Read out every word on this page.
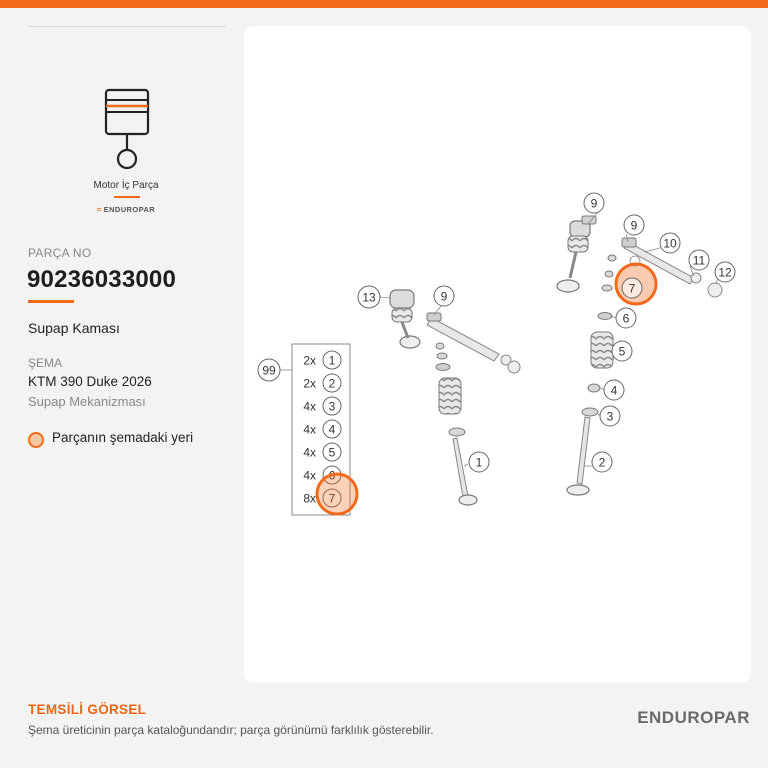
Motor İç Parça
≈ ENDUROPAR
PARÇA NO
90236033000
Supap Kaması
ŞEMA
KTM 390 Duke 2026
Supap Mekanizması
Parçanın şemadaki yeri
9
9
10
11
12
13	9
7
6
5
4
3
2
1
99
2x 1
2x 2
4x 3
4x 4
4x 5
4x 6
8x 7
TEMSİLİ GÖRSEL
Şema üreticinin parça kataloğundandır; parça görünümü farklılık gösterebilir.
ENDUROPAR
